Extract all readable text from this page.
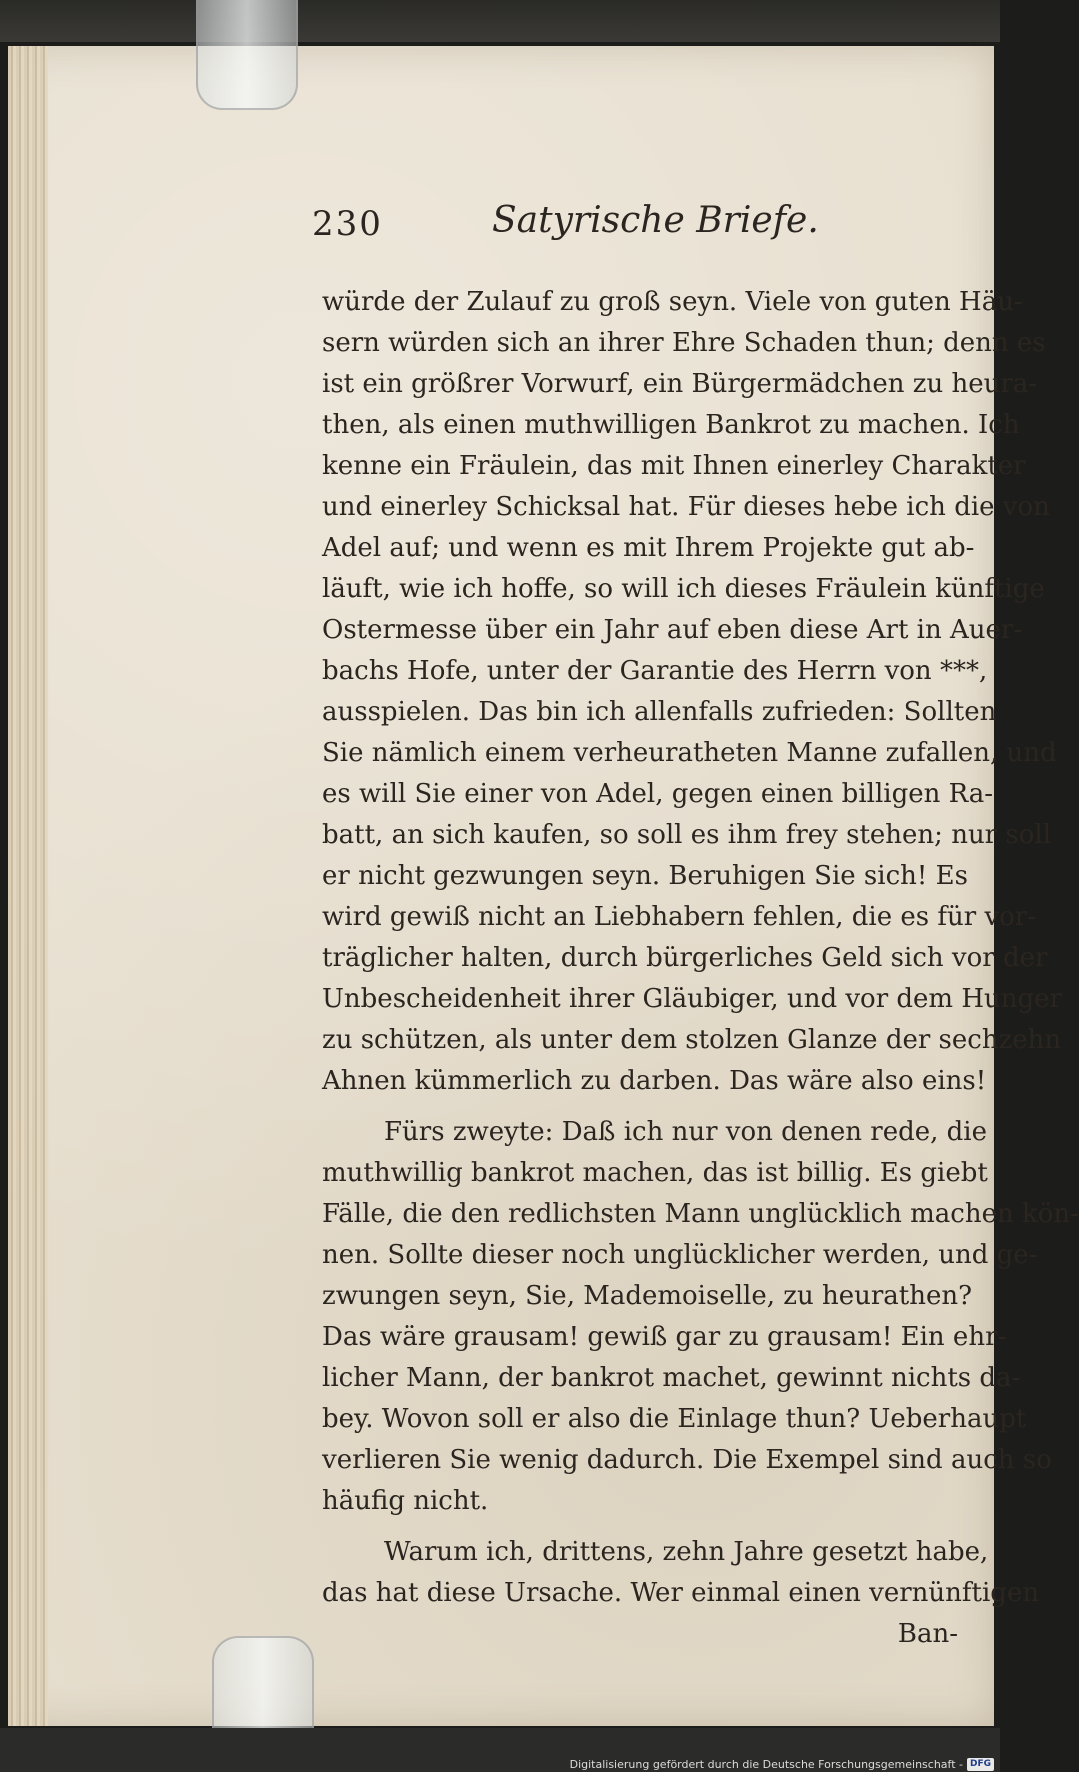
230	Satyrische Briefe.
würde der Zulauf zu groß seyn. Viele von guten Häu-
sern würden sich an ihrer Ehre Schaden thun; denn es
ist ein größrer Vorwurf, ein Bürgermädchen zu heura-
then, als einen muthwilligen Bankrot zu machen. Ich
kenne ein Fräulein, das mit Ihnen einerley Charakter
und einerley Schicksal hat. Für dieses hebe ich die von
Adel auf; und wenn es mit Ihrem Projekte gut ab-
läuft, wie ich hoffe, so will ich dieses Fräulein künftige
Ostermesse über ein Jahr auf eben diese Art in Auer-
bachs Hofe, unter der Garantie des Herrn von ***,
ausspielen. Das bin ich allenfalls zufrieden: Sollten
Sie nämlich einem verheuratheten Manne zufallen, und
es will Sie einer von Adel, gegen einen billigen Ra-
batt, an sich kaufen, so soll es ihm frey stehen; nur soll
er nicht gezwungen seyn. Beruhigen Sie sich! Es
wird gewiß nicht an Liebhabern fehlen, die es für vor-
träglicher halten, durch bürgerliches Geld sich vor der
Unbescheidenheit ihrer Gläubiger, und vor dem Hunger
zu schützen, als unter dem stolzen Glanze der sechzehn
Ahnen kümmerlich zu darben. Das wäre also eins!
Fürs zweyte: Daß ich nur von denen rede, die
muthwillig bankrot machen, das ist billig. Es giebt
Fälle, die den redlichsten Mann unglücklich machen kön-
nen. Sollte dieser noch unglücklicher werden, und ge-
zwungen seyn, Sie, Mademoiselle, zu heurathen?
Das wäre grausam! gewiß gar zu grausam! Ein ehr-
licher Mann, der bankrot machet, gewinnt nichts da-
bey. Wovon soll er also die Einlage thun? Ueberhaupt
verlieren Sie wenig dadurch. Die Exempel sind auch so
häufig nicht.
Warum ich, drittens, zehn Jahre gesetzt habe,
das hat diese Ursache. Wer einmal einen vernünftigen
Ban-
Digitalisierung gefördert durch die Deutsche Forschungsgemeinschaft - DFG
